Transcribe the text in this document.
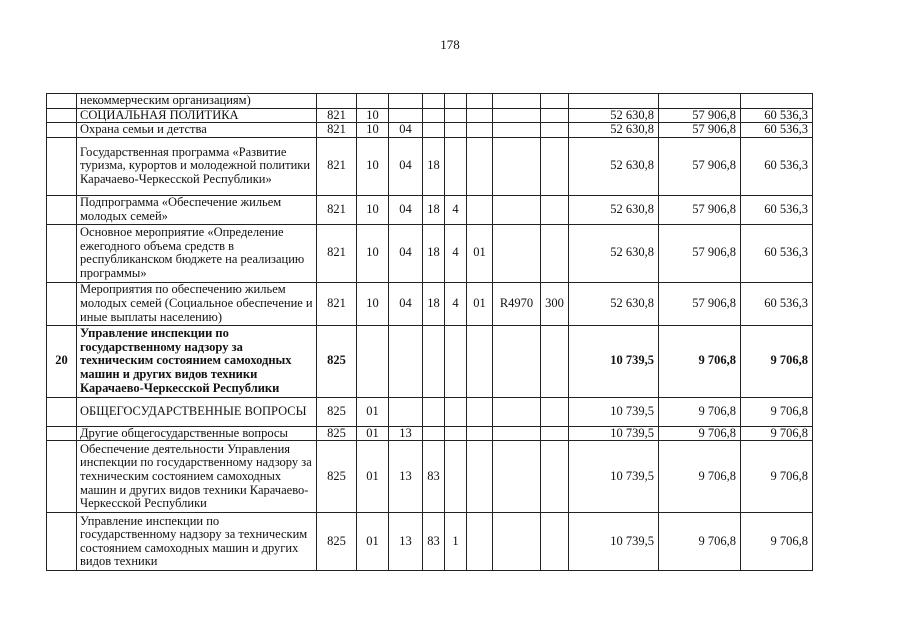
178
	некоммерческим организациям)											
	СОЦИАЛЬНАЯ ПОЛИТИКА	821	10							52 630,8	57 906,8	60 536,3
	Охрана семьи и детства	821	10	04						52 630,8	57 906,8	60 536,3
	Государственная программа «Развитие туризма, курортов и молодежной политики Карачаево-Черкесской Республики»	821	10	04	18					52 630,8	57 906,8	60 536,3
	Подпрограмма «Обеспечение жильем молодых семей»	821	10	04	18	4				52 630,8	57 906,8	60 536,3
	Основное мероприятие «Определение ежегодного объема средств в республиканском бюджете на реализацию программы»	821	10	04	18	4	01			52 630,8	57 906,8	60 536,3
	Мероприятия по обеспечению жильем молодых семей (Социальное обеспечение и иные выплаты населению)	821	10	04	18	4	01	R4970	300	52 630,8	57 906,8	60 536,3
20	Управление инспекции по государственному надзору за техническим состоянием самоходных машин и других видов техники Карачаево-Черкесской Республики	825								10 739,5	9 706,8	9 706,8
	ОБЩЕГОСУДАРСТВЕННЫЕ ВОПРОСЫ	825	01							10 739,5	9 706,8	9 706,8
	Другие общегосударственные вопросы	825	01	13						10 739,5	9 706,8	9 706,8
	Обеспечение деятельности Управления инспекции по государственному надзору за техническим состоянием самоходных машин и других видов техники Карачаево-Черкесской Республики	825	01	13	83					10 739,5	9 706,8	9 706,8
	Управление инспекции по государственному надзору за техническим состоянием самоходных машин и других видов техники	825	01	13	83	1				10 739,5	9 706,8	9 706,8
